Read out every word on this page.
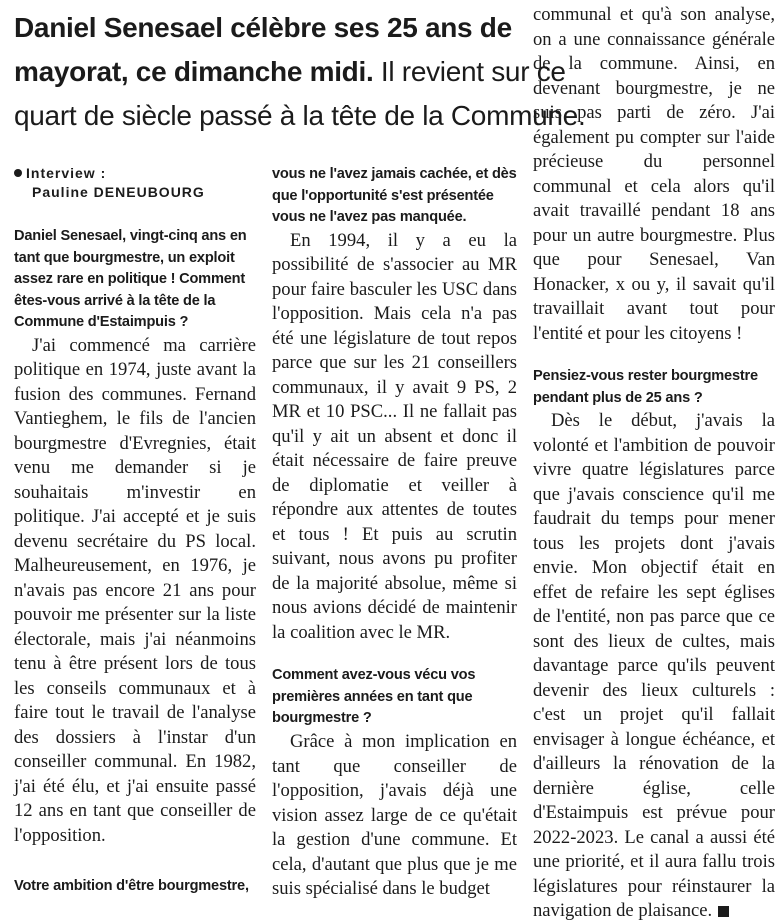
Daniel Senesael célèbre ses 25 ans de mayorat, ce dimanche midi. Il revient sur ce quart de siècle passé à la tête de la Commune.

Interview :
Pauline DENEUBOURG

Daniel Senesael, vingt-cinq ans en tant que bourgmestre, un exploit assez rare en politique ! Comment êtes-vous arrivé à la tête de la Commune d'Estaimpuis ?

J'ai commencé ma carrière politique en 1974, juste avant la fusion des communes. Fernand Vantieghem, le fils de l'ancien bourgmestre d'Evregnies, était venu me demander si je souhaitais m'investir en politique. J'ai accepté et je suis devenu secrétaire du PS local. Malheureusement, en 1976, je n'avais pas encore 21 ans pour pouvoir me présenter sur la liste électorale, mais j'ai néanmoins tenu à être présent lors de tous les conseils communaux et à faire tout le travail de l'analyse des dossiers à l'instar d'un conseiller communal. En 1982, j'ai été élu, et j'ai ensuite passé 12 ans en tant que conseiller de l'opposition.

Votre ambition d'être bourgmestre,

vous ne l'avez jamais cachée, et dès que l'opportunité s'est présentée vous ne l'avez pas manquée.

En 1994, il y a eu la possibilité de s'associer au MR pour faire basculer les USC dans l'opposition. Mais cela n'a pas été une législature de tout repos parce que sur les 21 conseillers communaux, il y avait 9 PS, 2 MR et 10 PSC... Il ne fallait pas qu'il y ait un absent et donc il était nécessaire de faire preuve de diplomatie et veiller à répondre aux attentes de toutes et tous ! Et puis au scrutin suivant, nous avons pu profiter de la majorité absolue, même si nous avions décidé de maintenir la coalition avec le MR.

Comment avez-vous vécu vos premières années en tant que bourgmestre ?

Grâce à mon implication en tant que conseiller de l'opposition, j'avais déjà une vision assez large de ce qu'était la gestion d'une commune. Et cela, d'autant que plus que je me suis spécialisé dans le budget

communal et qu'à son analyse, on a une connaissance générale de la commune. Ainsi, en devenant bourgmestre, je ne suis pas parti de zéro. J'ai également pu compter sur l'aide précieuse du personnel communal et cela alors qu'il avait travaillé pendant 18 ans pour un autre bourgmestre. Plus que pour Senesael, Van Honacker, x ou y, il savait qu'il travaillait avant tout pour l'entité et pour les citoyens !

Pensiez-vous rester bourgmestre pendant plus de 25 ans ?

Dès le début, j'avais la volonté et l'ambition de pouvoir vivre quatre législatures parce que j'avais conscience qu'il me faudrait du temps pour mener tous les projets dont j'avais envie. Mon objectif était en effet de refaire les sept églises de l'entité, non pas parce que ce sont des lieux de cultes, mais davantage parce qu'ils peuvent devenir des lieux culturels : c'est un projet qu'il fallait envisager à longue échéance, et d'ailleurs la rénovation de la dernière église, celle d'Estaimpuis est prévue pour 2022-2023. Le canal a aussi été une priorité, et il aura fallu trois législatures pour réinstaurer la navigation de plaisance.
